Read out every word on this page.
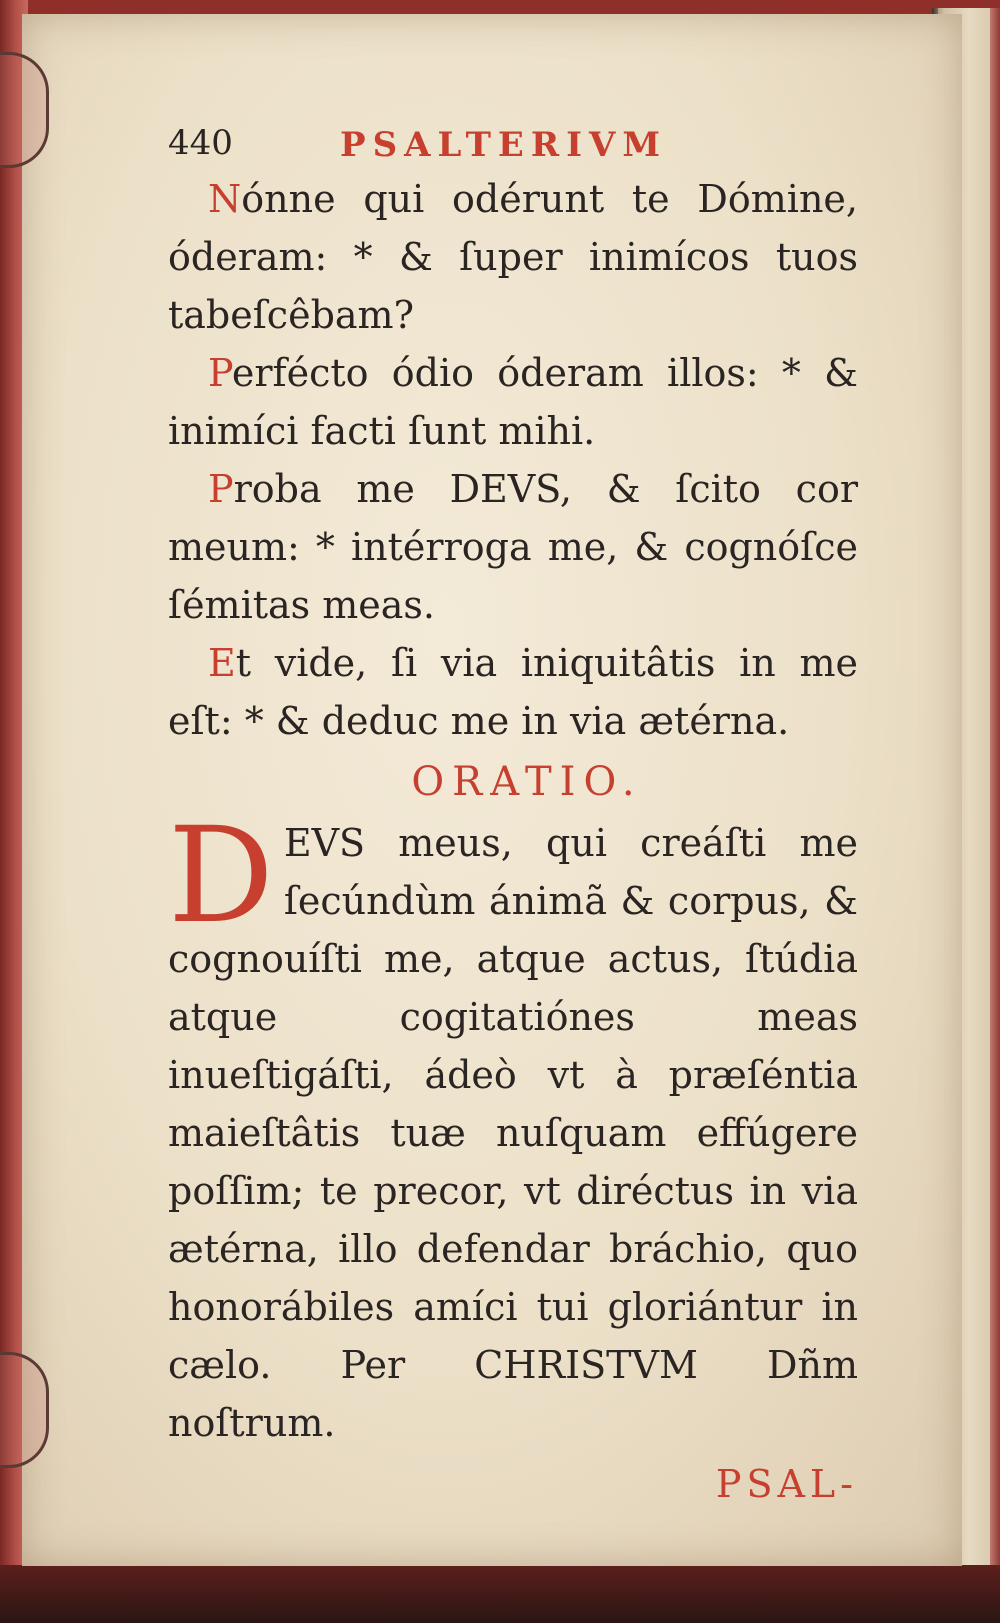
440	PSALTERIVM

Nónne qui odérunt te Dómine, óderam: * & ſuper inimícos tuos tabeſcêbam?

Perfécto ódio óderam illos: * & inimíci facti ſunt mihi.

Proba me DEVS, & ſcito cor meum: * intérroga me, & cognóſce ſémitas meas.

Et vide, ſi via iniquitâtis in me eſt: * & deduc me in via ætérna.

ORATIO.

DEVS meus, qui creáſti me ſecúndùm ánimã & corpus, & cognouíſti me, atque actus, ſtúdia atque cogitatiónes meas inueſtigáſti, ádeò vt à præſéntia maieſtâtis tuæ nuſquam effúgere poſſim; te precor, vt diréctus in via ætérna, illo defendar bráchio, quo honorábiles amíci tui gloriántur in cælo. Per CHRISTVM Dñm noſtrum.

PSAL-
